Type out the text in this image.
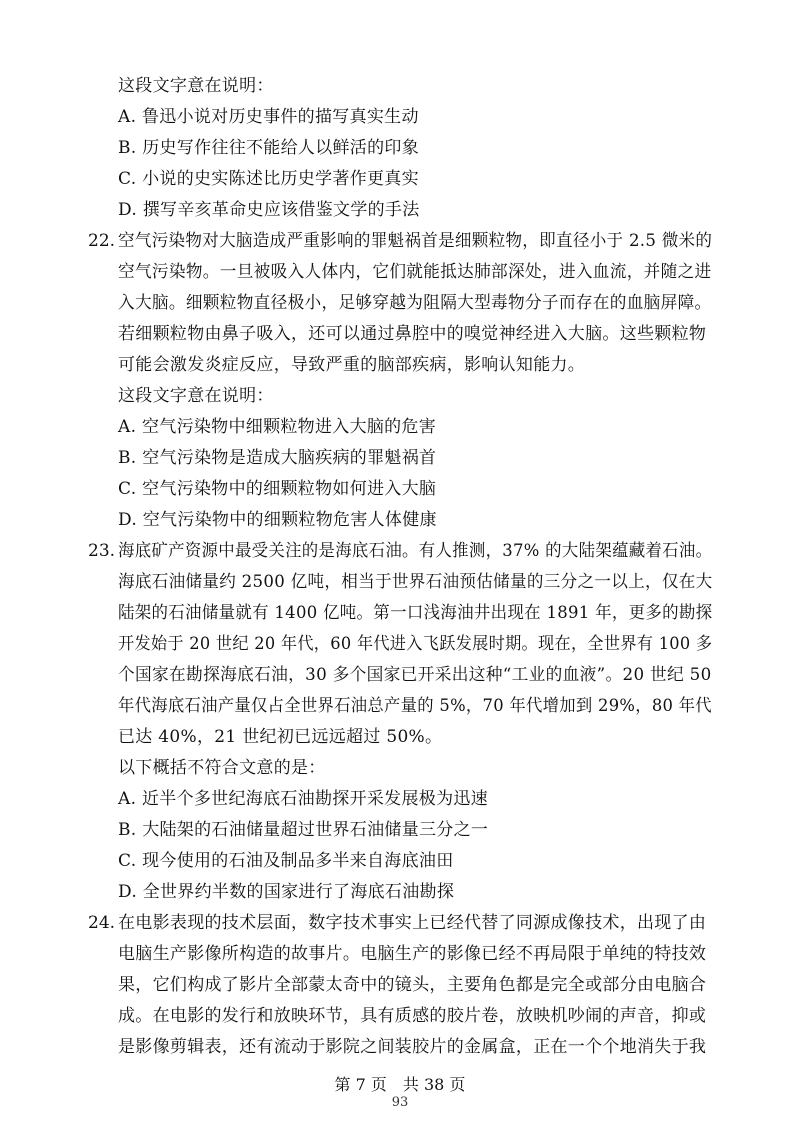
这段文字意在说明：
A. 鲁迅小说对历史事件的描写真实生动
B. 历史写作往往不能给人以鲜活的印象
C. 小说的史实陈述比历史学著作更真实
D. 撰写辛亥革命史应该借鉴文学的手法
22. 空气污染物对大脑造成严重影响的罪魁祸首是细颗粒物，即直径小于 2.5 微米的
空气污染物。一旦被吸入人体内，它们就能抵达肺部深处，进入血流，并随之进
入大脑。细颗粒物直径极小，足够穿越为阻隔大型毒物分子而存在的血脑屏障。
若细颗粒物由鼻子吸入，还可以通过鼻腔中的嗅觉神经进入大脑。这些颗粒物
可能会激发炎症反应，导致严重的脑部疾病，影响认知能力。
这段文字意在说明：
A. 空气污染物中细颗粒物进入大脑的危害
B. 空气污染物是造成大脑疾病的罪魁祸首
C. 空气污染物中的细颗粒物如何进入大脑
D. 空气污染物中的细颗粒物危害人体健康
23. 海底矿产资源中最受关注的是海底石油。有人推测，37% 的大陆架蕴藏着石油。
海底石油储量约 2500 亿吨，相当于世界石油预估储量的三分之一以上，仅在大
陆架的石油储量就有 1400 亿吨。第一口浅海油井出现在 1891 年，更多的勘探
开发始于 20 世纪 20 年代，60 年代进入飞跃发展时期。现在，全世界有 100 多
个国家在勘探海底石油，30 多个国家已开采出这种“工业的血液”。20 世纪 50
年代海底石油产量仅占全世界石油总产量的 5%，70 年代增加到 29%，80 年代
已达 40%，21 世纪初已远远超过 50%。
以下概括不符合文意的是：
A. 近半个多世纪海底石油勘探开采发展极为迅速
B. 大陆架的石油储量超过世界石油储量三分之一
C. 现今使用的石油及制品多半来自海底油田
D. 全世界约半数的国家进行了海底石油勘探
24. 在电影表现的技术层面，数字技术事实上已经代替了同源成像技术，出现了由
电脑生产影像所构造的故事片。电脑生产的影像已经不再局限于单纯的特技效
果，它们构成了影片全部蒙太奇中的镜头，主要角色都是完全或部分由电脑合
成。在电影的发行和放映环节，具有质感的胶片卷，放映机吵闹的声音，抑或
是影像剪辑表，还有流动于影院之间装胶片的金属盒，正在一个个地消失于我
第 7 页　共 38 页
93
